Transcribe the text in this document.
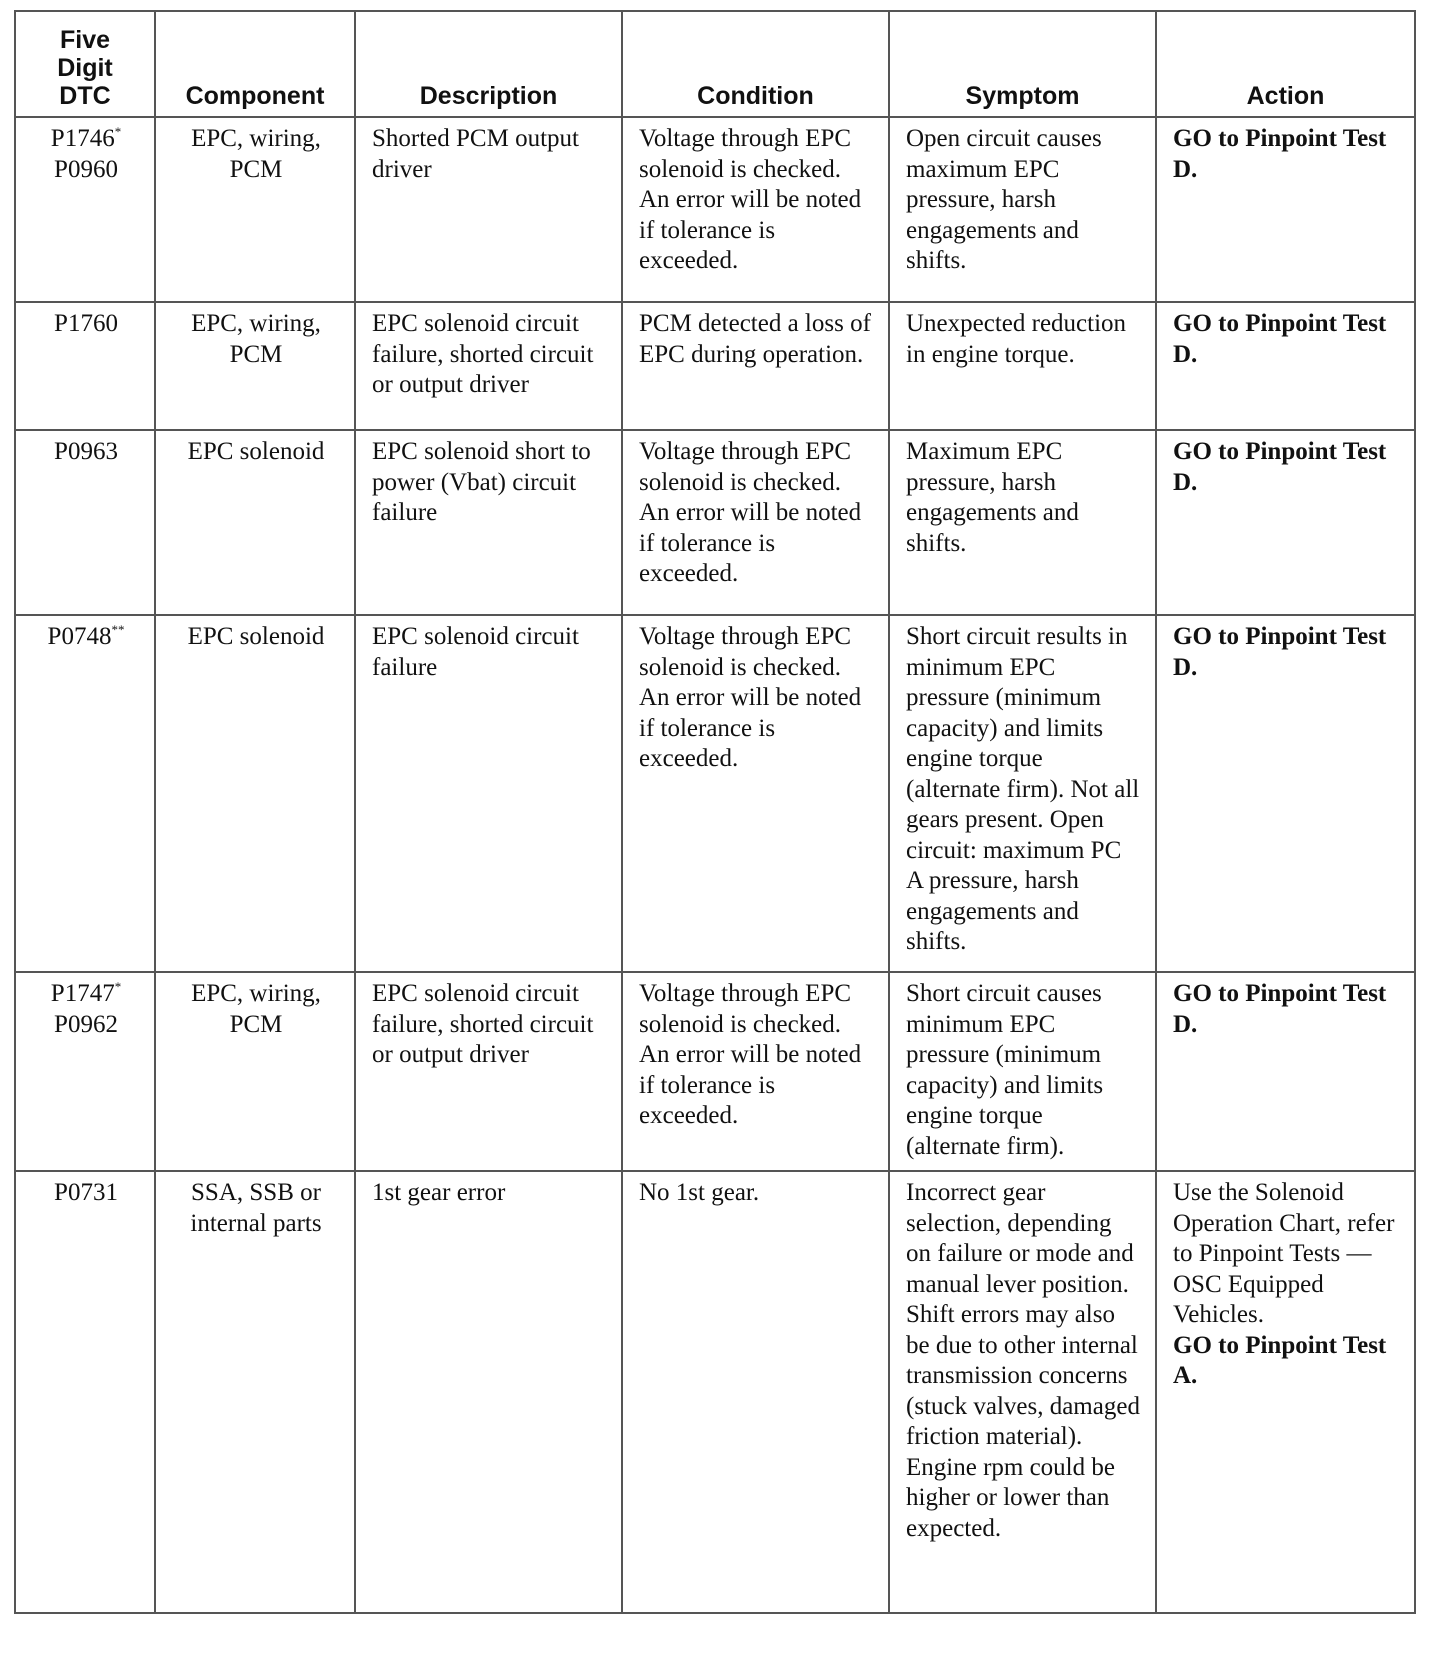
Five
Digit
DTC	Component	Description	Condition	Symptom	Action

P1746*
P0960	EPC, wiring, PCM	Shorted PCM output driver	Voltage through EPC solenoid is checked. An error will be noted if tolerance is exceeded.	Open circuit causes maximum EPC pressure, harsh engagements and shifts.	GO to Pinpoint Test D.

P1760	EPC, wiring, PCM	EPC solenoid circuit failure, shorted circuit or output driver	PCM detected a loss of EPC during operation.	Unexpected reduction in engine torque.	GO to Pinpoint Test D.

P0963	EPC solenoid	EPC solenoid short to power (Vbat) circuit failure	Voltage through EPC solenoid is checked. An error will be noted if tolerance is exceeded.	Maximum EPC pressure, harsh engagements and shifts.	GO to Pinpoint Test D.

P0748**	EPC solenoid	EPC solenoid circuit failure	Voltage through EPC solenoid is checked. An error will be noted if tolerance is exceeded.	Short circuit results in minimum EPC pressure (minimum capacity) and limits engine torque (alternate firm). Not all gears present. Open circuit: maximum PC A pressure, harsh engagements and shifts.	GO to Pinpoint Test D.

P1747*
P0962	EPC, wiring, PCM	EPC solenoid circuit failure, shorted circuit or output driver	Voltage through EPC solenoid is checked. An error will be noted if tolerance is exceeded.	Short circuit causes minimum EPC pressure (minimum capacity) and limits engine torque (alternate firm).	GO to Pinpoint Test D.

P0731	SSA, SSB or internal parts	1st gear error	No 1st gear.	Incorrect gear selection, depending on failure or mode and manual lever position. Shift errors may also be due to other internal transmission concerns (stuck valves, damaged friction material). Engine rpm could be higher or lower than expected.	Use the Solenoid Operation Chart, refer to Pinpoint Tests — OSC Equipped Vehicles.
GO to Pinpoint Test A.
